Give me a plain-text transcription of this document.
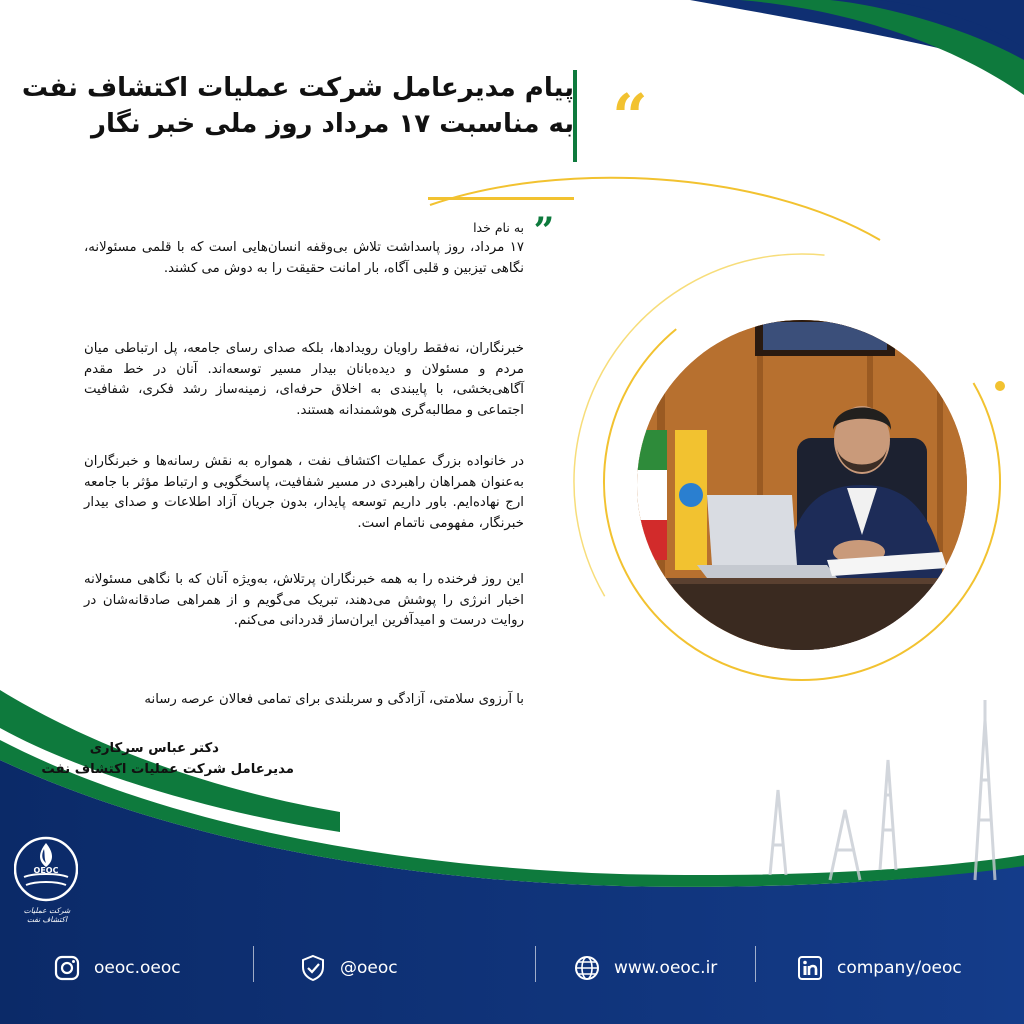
“
پیام مدیرعامل شرکت عملیات اکتشاف نفت
به مناسبت ۱۷ مرداد روز ملی خبر نگار
”
به نام خدا
۱۷ مرداد، روز پاسداشت تلاش بی‌وقفه انسان‌هایی است که با قلمی مسئولانه، نگاهی تیزبین و قلبی آگاه، بار امانت حقیقت را به دوش می کشند.
خبرنگاران، نه‌فقط راویان رویدادها، بلکه صدای رسای جامعه، پل ارتباطی میان مردم و مسئولان و دیده‌بانان بیدار مسیر توسعه‌اند. آنان در خط مقدم آگاهی‌بخشی، با پایبندی به اخلاق حرفه‌ای، زمینه‌ساز رشد فکری، شفافیت اجتماعی و مطالبه‌گری هوشمندانه هستند.
در خانواده بزرگ عملیات اکتشاف نفت ، همواره به نقش رسانه‌ها و خبرنگاران به‌عنوان همراهان راهبردی در مسیر شفافیت، پاسخگویی و ارتباط مؤثر با جامعه ارج نهاده‌ایم. باور داریم توسعه پایدار، بدون جریان آزاد اطلاعات و صدای بیدار خبرنگار، مفهومی ناتمام است.
این روز فرخنده را به همه خبرنگاران پرتلاش، به‌ویژه آنان که با نگاهی مسئولانه اخبار انرژی را پوشش می‌دهند، تبریک می‌گویم و از همراهی صادقانه‌شان در روایت درست و امیدآفرین ایران‌ساز قدردانی می‌کنم.
با آرزوی سلامتی، آزادگی و سربلندی برای تمامی فعالان عرصه رسانه
دکتر عباس سرکاری
مدیرعامل شرکت عملیات اکتشاف نفت
OEOC
شرکت عملیات اکتشاف نفت
oeoc.oeoc	@oeoc	www.oeoc.ir	company/oeoc
